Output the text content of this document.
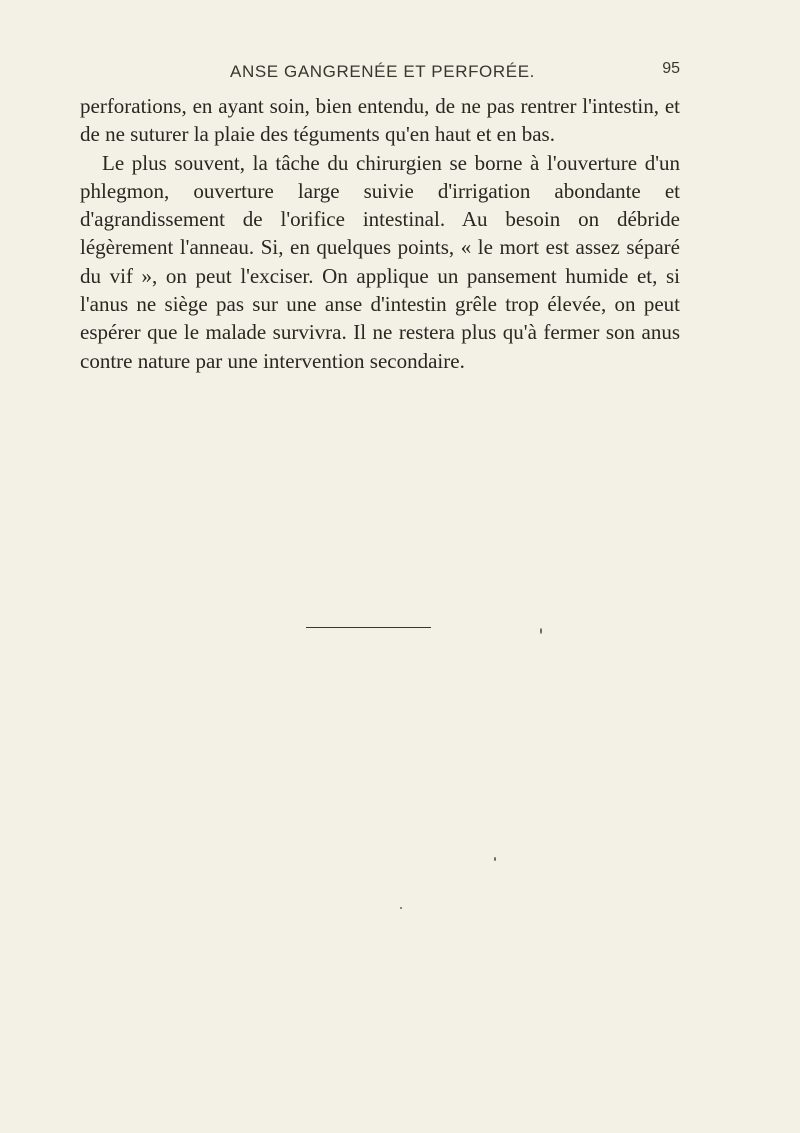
ANSE GANGRENÉE ET PERFORÉE.	95

perforations, en ayant soin, bien entendu, de ne pas rentrer l'intestin, et de ne suturer la plaie des téguments qu'en haut et en bas.

Le plus souvent, la tâche du chirurgien se borne à l'ouverture d'un phlegmon, ouverture large suivie d'irrigation abondante et d'agrandissement de l'orifice intestinal. Au besoin on débride légèrement l'anneau. Si, en quelques points, « le mort est assez séparé du vif », on peut l'exciser. On applique un pansement humide et, si l'anus ne siège pas sur une anse d'intestin grêle trop élevée, on peut espérer que le malade survivra. Il ne restera plus qu'à fermer son anus contre nature par une intervention secondaire.
